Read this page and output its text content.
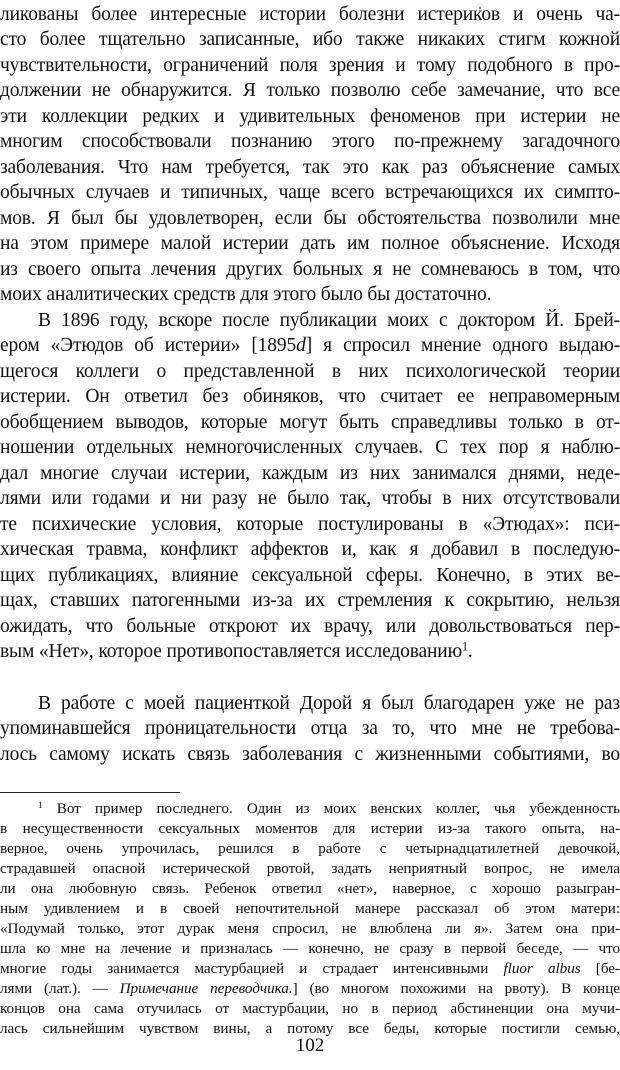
ликованы более интересные истории болезни истериков и очень ча-
сто более тщательно записанные, ибо также никаких стигм кожной
чувствительности, ограничений поля зрения и тому подобного в про-
должении не обнаружится. Я только позволю себе замечание, что все
эти коллекции редких и удивительных феноменов при истерии не
многим способствовали познанию этого по-прежнему загадочного
заболевания. Что нам требуется, так это как раз объяснение самых
обычных случаев и типичных, чаще всего встречающихся их симпто-
мов. Я был бы удовлетворен, если бы обстоятельства позволили мне
на этом примере малой истерии дать им полное объяснение. Исходя
из своего опыта лечения других больных я не сомневаюсь в том, что
моих аналитических средств для этого было бы достаточно.
В 1896 году, вскоре после публикации моих с доктором Й. Брей-
ером «Этюдов об истерии» [1895d] я спросил мнение одного выдаю-
щегося коллеги о представленной в них психологической теории
истерии. Он ответил без обиняков, что считает ее неправомерным
обобщением выводов, которые могут быть справедливы только в от-
ношении отдельных немногочисленных случаев. С тех пор я наблю-
дал многие случаи истерии, каждым из них занимался днями, неде-
лями или годами и ни разу не было так, чтобы в них отсутствовали
те психические условия, которые постулированы в «Этюдах»: пси-
хическая травма, конфликт аффектов и, как я добавил в последую-
щих публикациях, влияние сексуальной сферы. Конечно, в этих ве-
щах, ставших патогенными из-за их стремления к сокрытию, нельзя
ожидать, что больные откроют их врачу, или довольствоваться пер-
вым «Нет», которое противопоставляется исследованию$^1$.
В работе с моей пациенткой Дорой я был благодарен уже не раз
упоминавшейся проницательности отца за то, что мне не требова-
лось самому искать связь заболевания с жизненными событиями, во
$^1$ Вот пример последнего. Один из моих венских коллег, чья убежденность
в несущественности сексуальных моментов для истерии из-за такого опыта, на-
верное, очень упрочилась, решился в работе с четырнадцатилетней девочкой,
страдавшей опасной истерической рвотой, задать неприятный вопрос, не имела
ли она любовную связь. Ребенок ответил «нет», наверное, с хорошо разыгран-
ным удивлением и в своей непочтительной манере рассказал об этом матери:
«Подумай только, этот дурак меня спросил, не влюблена ли я». Затем она при-
шла ко мне на лечение и призналась — конечно, не сразу в первой беседе, — что
многие годы занимается мастурбацией и страдает интенсивными fluor albus [бе-
лями (лат.). — Примечание переводчика.] (во многом похожими на рвоту). В конце
концов она сама отучилась от мастурбации, но в период абстиненции она мучи-
лась сильнейшим чувством вины, а потому все беды, которые постигли семью,
102
